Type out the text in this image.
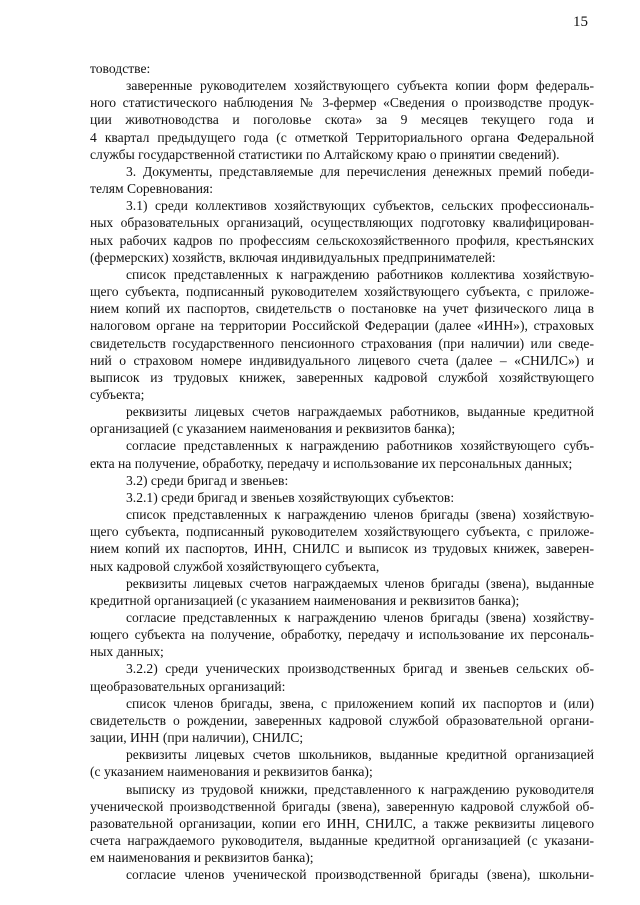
15

товодстве:

заверенные руководителем хозяйствующего субъекта копии форм федераль-

ного статистического наблюдения № 3-фермер «Сведения о производстве продук-

ции животноводства и поголовье скота» за 9 месяцев текущего года и

4 квартал предыдущего года (с отметкой Территориального органа Федеральной

службы государственной статистики по Алтайскому краю о принятии сведений).

3. Документы, представляемые для перечисления денежных премий победи-

телям Соревнования:

3.1) среди коллективов хозяйствующих субъектов, сельских профессиональ-

ных образовательных организаций, осуществляющих подготовку квалифицирован-

ных рабочих кадров по профессиям сельскохозяйственного профиля, крестьянских

(фермерских) хозяйств, включая индивидуальных предпринимателей:

список представленных к награждению работников коллектива хозяйствую-

щего субъекта, подписанный руководителем хозяйствующего субъекта, с приложе-

нием копий их паспортов, свидетельств о постановке на учет физического лица в

налоговом органе на территории Российской Федерации (далее «ИНН»), страховых

свидетельств государственного пенсионного страхования (при наличии) или сведе-

ний о страховом номере индивидуального лицевого счета (далее – «СНИЛС») и

выписок из трудовых книжек, заверенных кадровой службой хозяйствующего

субъекта;

реквизиты лицевых счетов награждаемых работников, выданные кредитной

организацией (с указанием наименования и реквизитов банка);

согласие представленных к награждению работников хозяйствующего субъ-

екта на получение, обработку, передачу и использование их персональных данных;

3.2) среди бригад и звеньев:

3.2.1) среди бригад и звеньев хозяйствующих субъектов:

список представленных к награждению членов бригады (звена) хозяйствую-

щего субъекта, подписанный руководителем хозяйствующего субъекта, с приложе-

нием копий их паспортов, ИНН, СНИЛС и выписок из трудовых книжек, заверен-

ных кадровой службой хозяйствующего субъекта,

реквизиты лицевых счетов награждаемых членов бригады (звена), выданные

кредитной организацией (с указанием наименования и реквизитов банка);

согласие представленных к награждению членов бригады (звена) хозяйству-

ющего субъекта на получение, обработку, передачу и использование их персональ-

ных данных;

3.2.2) среди ученических производственных бригад и звеньев сельских об-

щеобразовательных организаций:

список членов бригады, звена, с приложением копий их паспортов и (или)

свидетельств о рождении, заверенных кадровой службой образовательной органи-

зации, ИНН (при наличии), СНИЛС;

реквизиты лицевых счетов школьников, выданные кредитной организацией

(с указанием наименования и реквизитов банка);

выписку из трудовой книжки, представленного к награждению руководителя

ученической производственной бригады (звена), заверенную кадровой службой об-

разовательной организации, копии его ИНН, СНИЛС, а также реквизиты лицевого

счета награждаемого руководителя, выданные кредитной организацией (с указани-

ем наименования и реквизитов банка);

согласие членов ученической производственной бригады (звена), школьни-
